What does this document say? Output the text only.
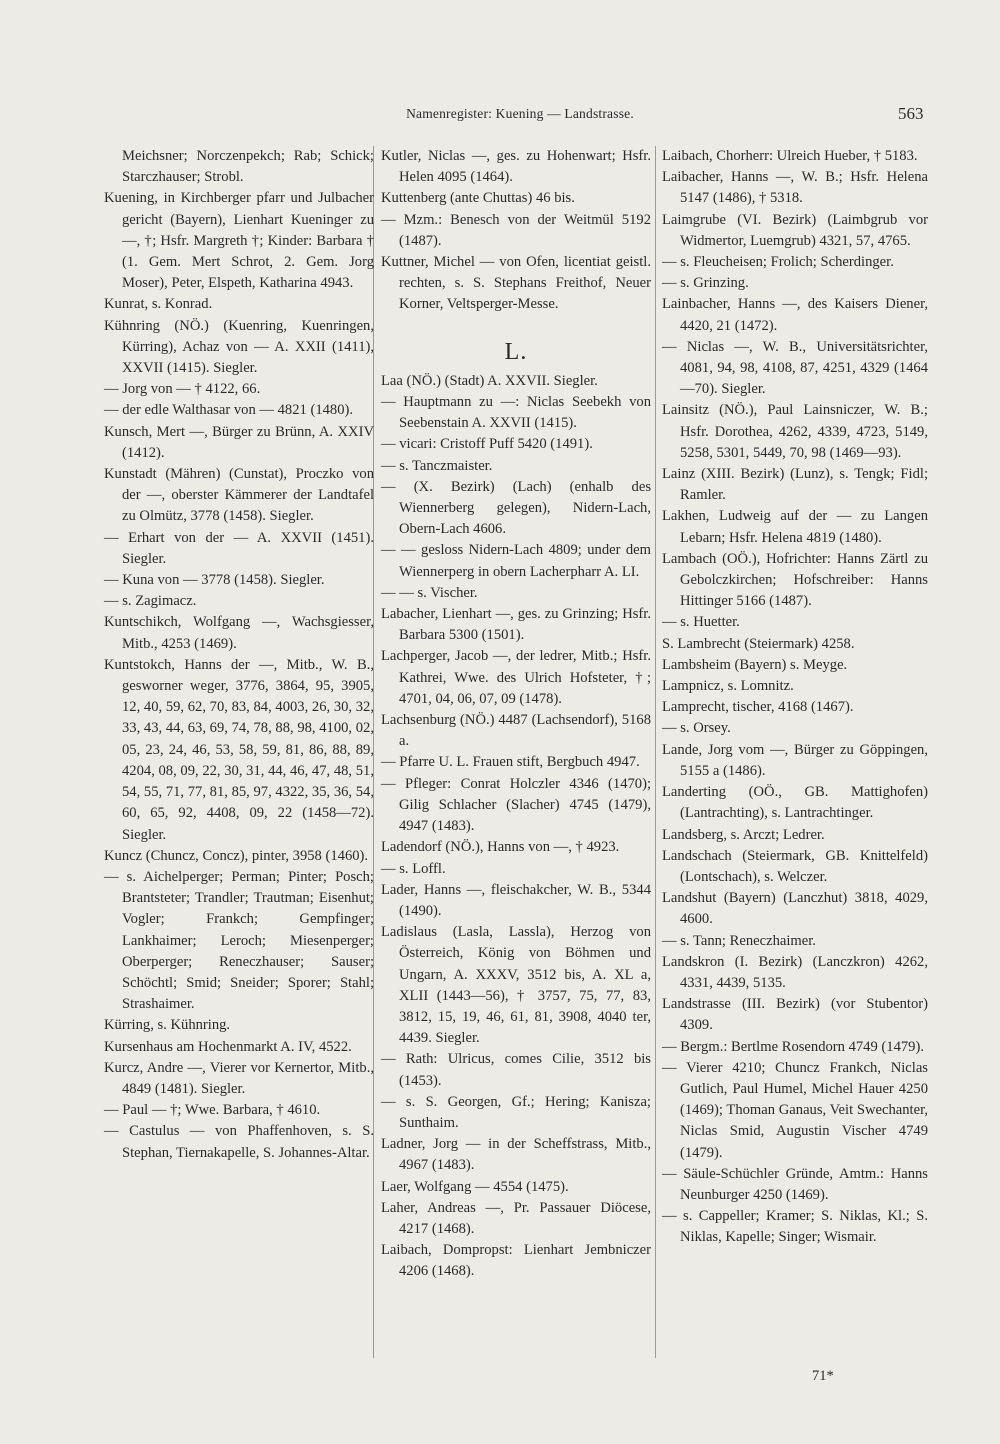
Namenregister: Kuening — Landstrasse.	563

Meichsner; Norczenpekch; Rab; Schick; Starczhauser; Strobl.

Kuening, in Kirchberger pfarr und Julbacher gericht (Bayern), Lienhart Kueninger zu —, †; Hsfr. Margreth †; Kinder: Barbara † (1. Gem. Mert Schrot, 2. Gem. Jorg Moser), Peter, Elspeth, Katharina 4943.

Kunrat, s. Konrad.

Kühnring (NÖ.) (Kuenring, Kuenringen, Kürring), Achaz von — A. XXII (1411), XXVII (1415). Siegler.

— Jorg von — † 4122, 66.

— der edle Walthasar von — 4821 (1480).

Kunsch, Mert —, Bürger zu Brünn, A. XXIV (1412).

Kunstadt (Mähren) (Cunstat), Proczko von der —, oberster Kämmerer der Landtafel zu Olmütz, 3778 (1458). Siegler.

— Erhart von der — A. XXVII (1451). Siegler.

— Kuna von — 3778 (1458). Siegler.

— s. Zagimacz.

Kuntschikch, Wolfgang —, Wachsgiesser, Mitb., 4253 (1469).

Kuntstokch, Hanns der —, Mitb., W. B., gesworner weger, 3776, 3864, 95, 3905, 12, 40, 59, 62, 70, 83, 84, 4003, 26, 30, 32, 33, 43, 44, 63, 69, 74, 78, 88, 98, 4100, 02, 05, 23, 24, 46, 53, 58, 59, 81, 86, 88, 89, 4204, 08, 09, 22, 30, 31, 44, 46, 47, 48, 51, 54, 55, 71, 77, 81, 85, 97, 4322, 35, 36, 54, 60, 65, 92, 4408, 09, 22 (1458—72). Siegler.

Kuncz (Chuncz, Concz), pinter, 3958 (1460).

— s. Aichelperger; Perman; Pinter; Posch; Brantsteter; Trandler; Trautman; Eisenhut; Vogler; Frankch; Gempfinger; Lankhaimer; Leroch; Miesenperger; Oberperger; Reneczhauser; Sauser; Schöchtl; Smid; Sneider; Sporer; Stahl; Strashaimer.

Kürring, s. Kühnring.

Kursenhaus am Hochenmarkt A. IV, 4522.

Kurcz, Andre —, Vierer vor Kernertor, Mitb., 4849 (1481). Siegler.

— Paul — †; Wwe. Barbara, † 4610.

— Castulus — von Phaffenhoven, s. S. Stephan, Tiernakapelle, S. Johannes-Altar.

Kutler, Niclas —, ges. zu Hohenwart; Hsfr. Helen 4095 (1464).

Kuttenberg (ante Chuttas) 46 bis.

— Mzm.: Benesch von der Weitmül 5192 (1487).

Kuttner, Michel — von Ofen, licentiat geistl. rechten, s. S. Stephans Freithof, Neuer Korner, Veltsperger-Messe.

L.

Laa (NÖ.) (Stadt) A. XXVII. Siegler.

— Hauptmann zu —: Niclas Seebekh von Seebenstain A. XXVII (1415).

— vicari: Cristoff Puff 5420 (1491).

— s. Tanczmaister.

— (X. Bezirk) (Lach) (enhalb des Wiennerberg gelegen), Nidern-Lach, Obern-Lach 4606.

— — gesloss Nidern-Lach 4809; under dem Wiennerperg in obern Lacherpharr A. LI.

— — s. Vischer.

Labacher, Lienhart —, ges. zu Grinzing; Hsfr. Barbara 5300 (1501).

Lachperger, Jacob —, der ledrer, Mitb.; Hsfr. Kathrei, Wwe. des Ulrich Hofsteter, †; 4701, 04, 06, 07, 09 (1478).

Lachsenburg (NÖ.) 4487 (Lachsendorf), 5168 a.

— Pfarre U. L. Frauen stift, Bergbuch 4947.

— Pfleger: Conrat Holczler 4346 (1470); Gilig Schlacher (Slacher) 4745 (1479), 4947 (1483).

Ladendorf (NÖ.), Hanns von —, † 4923.

— s. Loffl.

Lader, Hanns —, fleischakcher, W. B., 5344 (1490).

Ladislaus (Lasla, Lassla), Herzog von Österreich, König von Böhmen und Ungarn, A. XXXV, 3512 bis, A. XL a, XLII (1443—56), † 3757, 75, 77, 83, 3812, 15, 19, 46, 61, 81, 3908, 4040 ter, 4439. Siegler.

— Rath: Ulricus, comes Cilie, 3512 bis (1453).

— s. S. Georgen, Gf.; Hering; Kanisza; Sunthaim.

Ladner, Jorg — in der Scheffstrass, Mitb., 4967 (1483).

Laer, Wolfgang — 4554 (1475).

Laher, Andreas —, Pr. Passauer Diöcese, 4217 (1468).

Laibach, Dompropst: Lienhart Jembniczer 4206 (1468).

Laibach, Chorherr: Ulreich Hueber, † 5183.

Laibacher, Hanns —, W. B.; Hsfr. Helena 5147 (1486), † 5318.

Laimgrube (VI. Bezirk) (Laimbgrub vor Widmertor, Luemgrub) 4321, 57, 4765.

— s. Fleucheisen; Frolich; Scherdinger.

— s. Grinzing.

Lainbacher, Hanns —, des Kaisers Diener, 4420, 21 (1472).

— Niclas —, W. B., Universitätsrichter, 4081, 94, 98, 4108, 87, 4251, 4329 (1464—70). Siegler.

Lainsitz (NÖ.), Paul Lainsniczer, W. B.; Hsfr. Dorothea, 4262, 4339, 4723, 5149, 5258, 5301, 5449, 70, 98 (1469—93).

Lainz (XIII. Bezirk) (Lunz), s. Tengk; Fidl; Ramler.

Lakhen, Ludweig auf der — zu Langen Lebarn; Hsfr. Helena 4819 (1480).

Lambach (OÖ.), Hofrichter: Hanns Zärtl zu Gebolczkirchen; Hofschreiber: Hanns Hittinger 5166 (1487).

— s. Huetter.

S. Lambrecht (Steiermark) 4258.

Lambsheim (Bayern) s. Meyge.

Lampnicz, s. Lomnitz.

Lamprecht, tischer, 4168 (1467).

— s. Orsey.

Lande, Jorg vom —, Bürger zu Göppingen, 5155 a (1486).

Landerting (OÖ., GB. Mattighofen) (Lantrachting), s. Lantrachtinger.

Landsberg, s. Arczt; Ledrer.

Landschach (Steiermark, GB. Knittelfeld) (Lontschach), s. Welczer.

Landshut (Bayern) (Lanczhut) 3818, 4029, 4600.

— s. Tann; Reneczhaimer.

Landskron (I. Bezirk) (Lanczkron) 4262, 4331, 4439, 5135.

Landstrasse (III. Bezirk) (vor Stubentor) 4309.

— Bergm.: Bertlme Rosendorn 4749 (1479).

— Vierer 4210; Chuncz Frankch, Niclas Gutlich, Paul Humel, Michel Hauer 4250 (1469); Thoman Ganaus, Veit Swechanter, Niclas Smid, Augustin Vischer 4749 (1479).

— Säule-Schüchler Gründe, Amtm.: Hanns Neunburger 4250 (1469).

— s. Cappeller; Kramer; S. Niklas, Kl.; S. Niklas, Kapelle; Singer; Wismair.

71*
